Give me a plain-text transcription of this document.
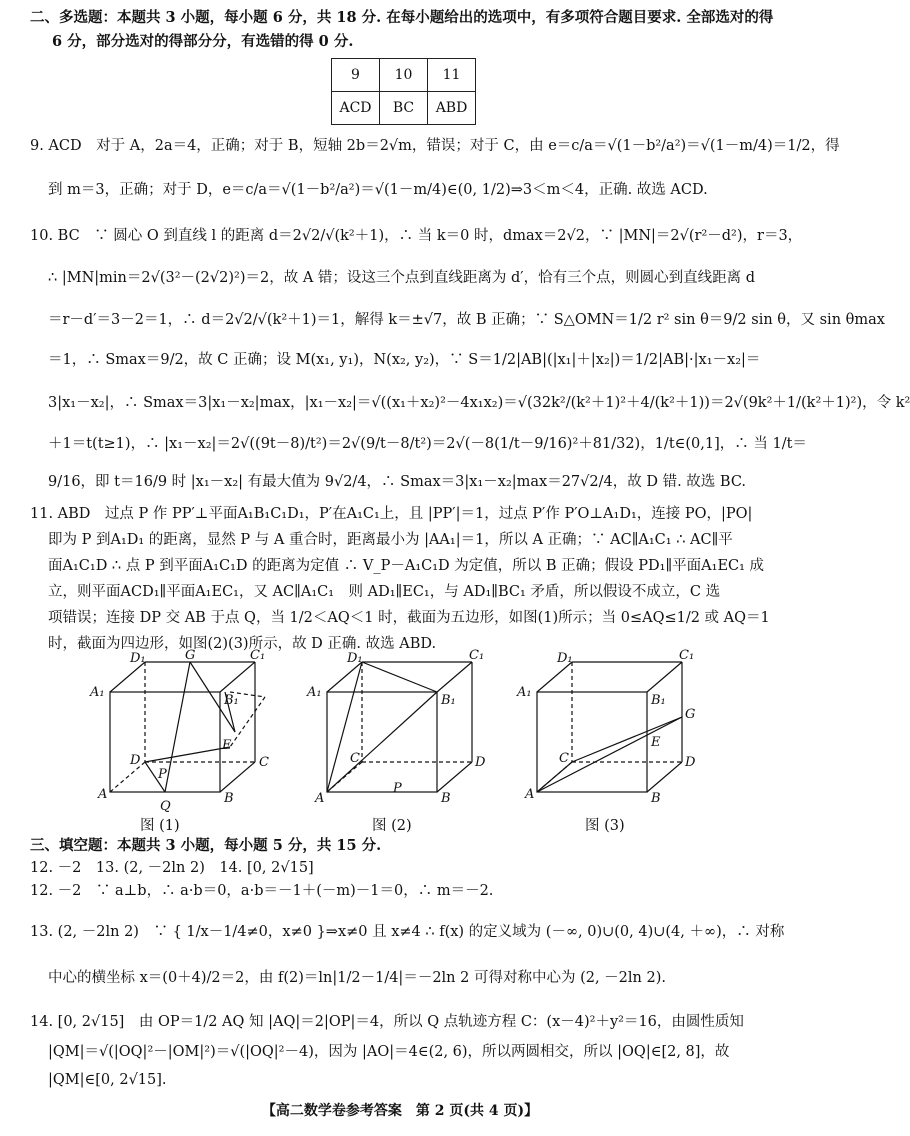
二、多选题：本题共 3 小题，每小题 6 分，共 18 分. 在每小题给出的选项中，有多项符合题目要求. 全部选对的得
6 分，部分选对的得部分分，有选错的得 0 分.
9	10	11
ACD	BC	ABD
9. ACD　对于 A，2a＝4，正确；对于 B，短轴 2b＝2√m，错误；对于 C，由 e＝c/a＝√(1－b²/a²)＝√(1－m/4)＝1/2，得
到 m＝3，正确；对于 D，e＝c/a＝√(1－b²/a²)＝√(1－m/4)∈(0, 1/2)⇒3＜m＜4，正确. 故选 ACD.
10. BC　∵ 圆心 O 到直线 l 的距离 d＝2√2/√(k²＋1)，∴ 当 k＝0 时，dmax＝2√2，∵ |MN|＝2√(r²－d²)，r＝3，
∴ |MN|min＝2√(3²－(2√2)²)＝2，故 A 错；设这三个点到直线距离为 d′，恰有三个点，则圆心到直线距离 d
＝r－d′＝3－2＝1，∴ d＝2√2/√(k²＋1)＝1，解得 k＝±√7，故 B 正确；∵ S△OMN＝1/2 r² sin θ＝9/2 sin θ，又 sin θmax
＝1，∴ Smax＝9/2，故 C 正确；设 M(x₁, y₁)，N(x₂, y₂)，∵ S＝1/2|AB|(|x₁|＋|x₂|)＝1/2|AB|·|x₁－x₂|＝
3|x₁－x₂|，∴ Smax＝3|x₁－x₂|max，|x₁－x₂|＝√((x₁＋x₂)²－4x₁x₂)＝√(32k²/(k²＋1)²＋4/(k²＋1))＝2√(9k²＋1/(k²＋1)²)，令 k²
＋1＝t(t≥1)，∴ |x₁－x₂|＝2√((9t－8)/t²)＝2√(9/t－8/t²)＝2√(－8(1/t－9/16)²＋81/32)，1/t∈(0,1]，∴ 当 1/t＝
9/16，即 t＝16/9 时 |x₁－x₂| 有最大值为 9√2/4，∴ Smax＝3|x₁－x₂|max＝27√2/4，故 D 错. 故选 BC.
11. ABD　过点 P 作 PP′⊥平面A₁B₁C₁D₁，P′在A₁C₁上，且 |PP′|＝1，过点 P′作 P′O⊥A₁D₁，连接 PO，|PO|
即为 P 到A₁D₁ 的距离，显然 P 与 A 重合时，距离最小为 |AA₁|＝1，所以 A 正确；∵ AC∥A₁C₁ ∴ AC∥平
面A₁C₁D ∴ 点 P 到平面A₁C₁D 的距离为定值 ∴ V_P－A₁C₁D 为定值，所以 B 正确；假设 PD₁∥平面A₁EC₁ 成
立，则平面ACD₁∥平面A₁EC₁，又 AC∥A₁C₁　则 AD₁∥EC₁，与 AD₁∥BC₁ 矛盾，所以假设不成立，C 选
项错误；连接 DP 交 AB 于点 Q，当 1/2＜AQ＜1 时，截面为五边形，如图(1)所示；当 0≤AQ≤1/2 或 AQ＝1
时，截面为四边形，如图(2)(3)所示，故 D 正确. 故选 ABD.
D₁	G	C₁
A₁
B₁
E
D
P
C
A
Q
B
图 (1)
D₁	C₁
A₁
B₁
C	D
P
A	B
图 (2)
D₁	C₁
A₁
B₁
G
C
E
D
A	B
图 (3)
三、填空题：本题共 3 小题，每小题 5 分，共 15 分.
12. －2　13. (2, －2ln 2)　14. [0, 2√15]
12. －2　∵ a⊥b，∴ a·b＝0，a·b＝－1＋(－m)－1＝0，∴ m＝－2.
13. (2, －2ln 2)　∵ { 1/x－1/4≠0，x≠0 }⇒x≠0 且 x≠4 ∴ f(x) 的定义域为 (－∞, 0)∪(0, 4)∪(4, ＋∞)，∴ 对称
中心的横坐标 x＝(0＋4)/2＝2，由 f(2)＝ln|1/2－1/4|＝－2ln 2 可得对称中心为 (2, －2ln 2).
14. [0, 2√15]　由 OP＝1/2 AQ 知 |AQ|＝2|OP|＝4，所以 Q 点轨迹方程 C：(x－4)²＋y²＝16，由圆性质知
|QM|＝√(|OQ|²－|OM|²)＝√(|OQ|²－4)，因为 |AO|＝4∈(2, 6)，所以两圆相交，所以 |OQ|∈[2, 8]，故
|QM|∈[0, 2√15].
【高二数学卷参考答案　第 2 页(共 4 页)】
